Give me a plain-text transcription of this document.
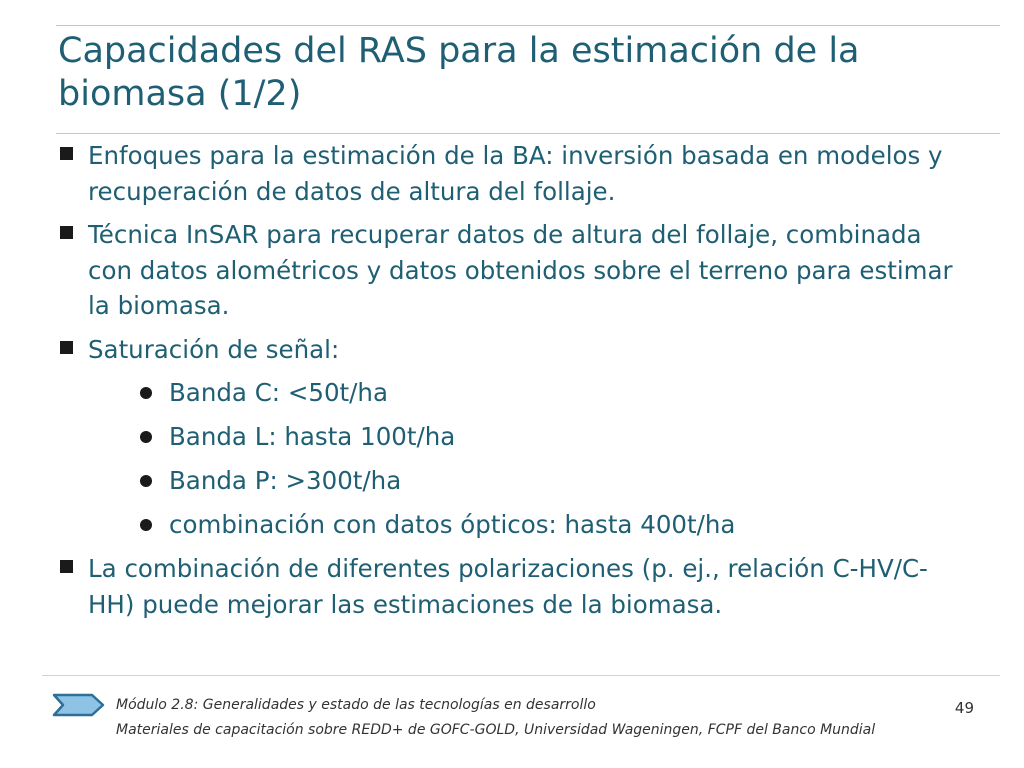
Capacidades del RAS para la estimación de la biomasa (1/2)
Enfoques para la estimación de la BA: inversión basada en modelos y recuperación de datos de altura del follaje.
Técnica InSAR para recuperar datos de altura del follaje, combinada con datos alométricos y datos obtenidos sobre el terreno para estimar la biomasa.
Saturación de señal:
Banda C: <50t/ha
Banda L: hasta 100t/ha
Banda P: >300t/ha
combinación con datos ópticos: hasta 400t/ha
La combinación de diferentes polarizaciones (p. ej., relación C-HV/C-HH) puede mejorar las estimaciones de la biomasa.
Módulo 2.8: Generalidades y estado de las tecnologías en desarrollo
Materiales de capacitación sobre REDD+ de GOFC-GOLD, Universidad Wageningen, FCPF del Banco Mundial
49
